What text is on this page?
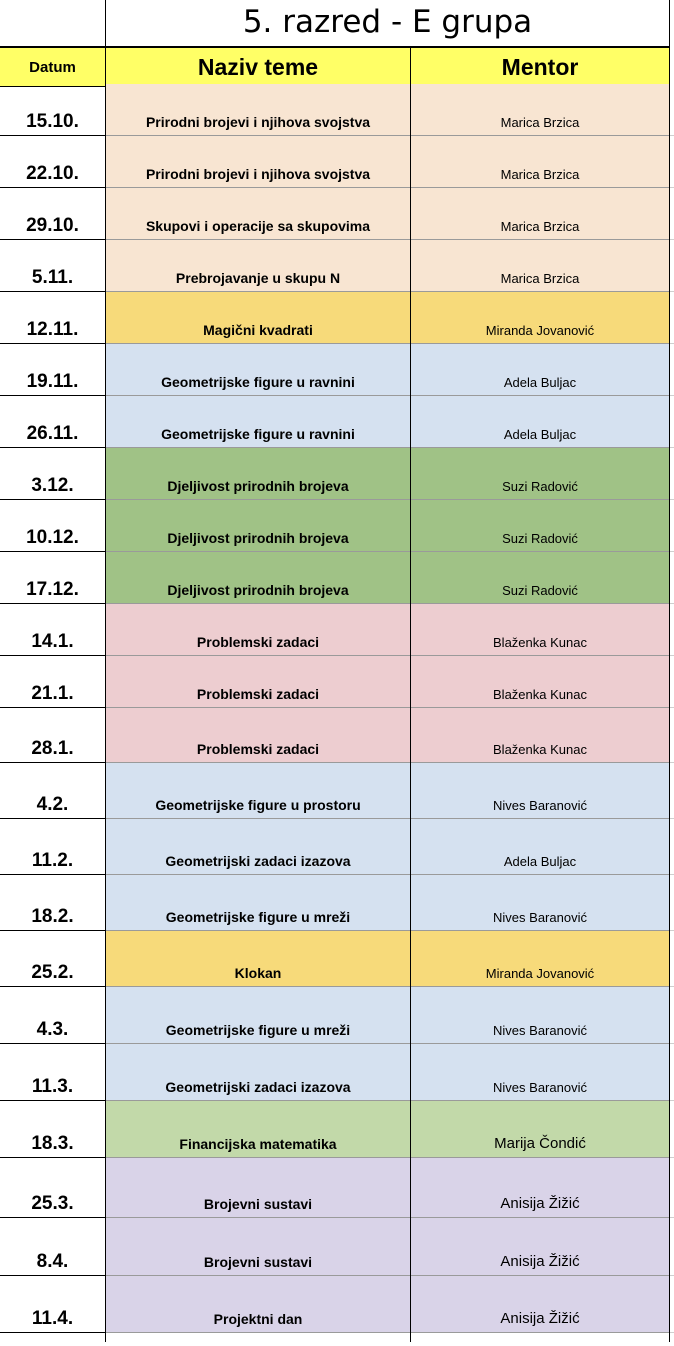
5. razred - E grupa
Datum	Naziv teme	Mentor
15.10.	Prirodni brojevi i njihova svojstva	Marica Brzica
22.10.	Prirodni brojevi i njihova svojstva	Marica Brzica
29.10.	Skupovi i operacije sa skupovima	Marica Brzica
5.11.	Prebrojavanje u skupu N	Marica Brzica
12.11.	Magični kvadrati	Miranda Jovanović
19.11.	Geometrijske figure u ravnini	Adela Buljac
26.11.	Geometrijske figure u ravnini	Adela Buljac
3.12.	Djeljivost prirodnih brojeva	Suzi Radović
10.12.	Djeljivost prirodnih brojeva	Suzi Radović
17.12.	Djeljivost prirodnih brojeva	Suzi Radović
14.1.	Problemski zadaci	Blaženka Kunac
21.1.	Problemski zadaci	Blaženka Kunac
28.1.	Problemski zadaci	Blaženka Kunac
4.2.	Geometrijske figure u prostoru	Nives Baranović
11.2.	Geometrijski zadaci izazova	Adela Buljac
18.2.	Geometrijske figure u mreži	Nives Baranović
25.2.	Klokan	Miranda Jovanović
4.3.	Geometrijske figure u mreži	Nives Baranović
11.3.	Geometrijski zadaci izazova	Nives Baranović
18.3.	Financijska matematika	Marija Čondić
25.3.	Brojevni sustavi	Anisija Žižić
8.4.	Brojevni sustavi	Anisija Žižić
11.4.	Projektni dan	Anisija Žižić
